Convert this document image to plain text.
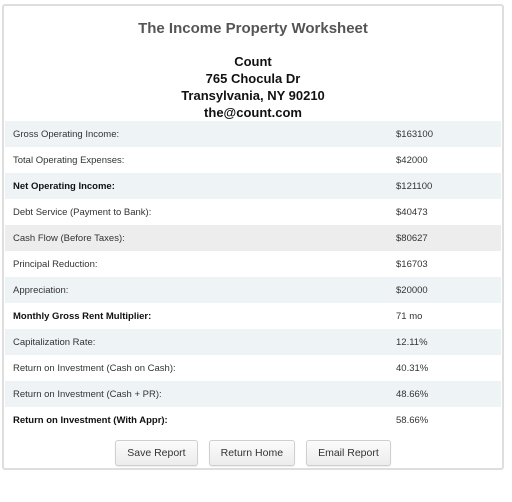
The Income Property Worksheet
Count
765 Chocula Dr
Transylvania, NY 90210
the@count.com
Gross Operating Income:	$163100
Total Operating Expenses:	$42000
Net Operating Income:	$121100
Debt Service (Payment to Bank):	$40473
Cash Flow (Before Taxes):	$80627
Principal Reduction:	$16703
Appreciation:	$20000
Monthly Gross Rent Multiplier:	71 mo
Capitalization Rate:	12.11%
Return on Investment (Cash on Cash):	40.31%
Return on Investment (Cash + PR):	48.66%
Return on Investment (With Appr):	58.66%
Save Report	Return Home	Email Report
